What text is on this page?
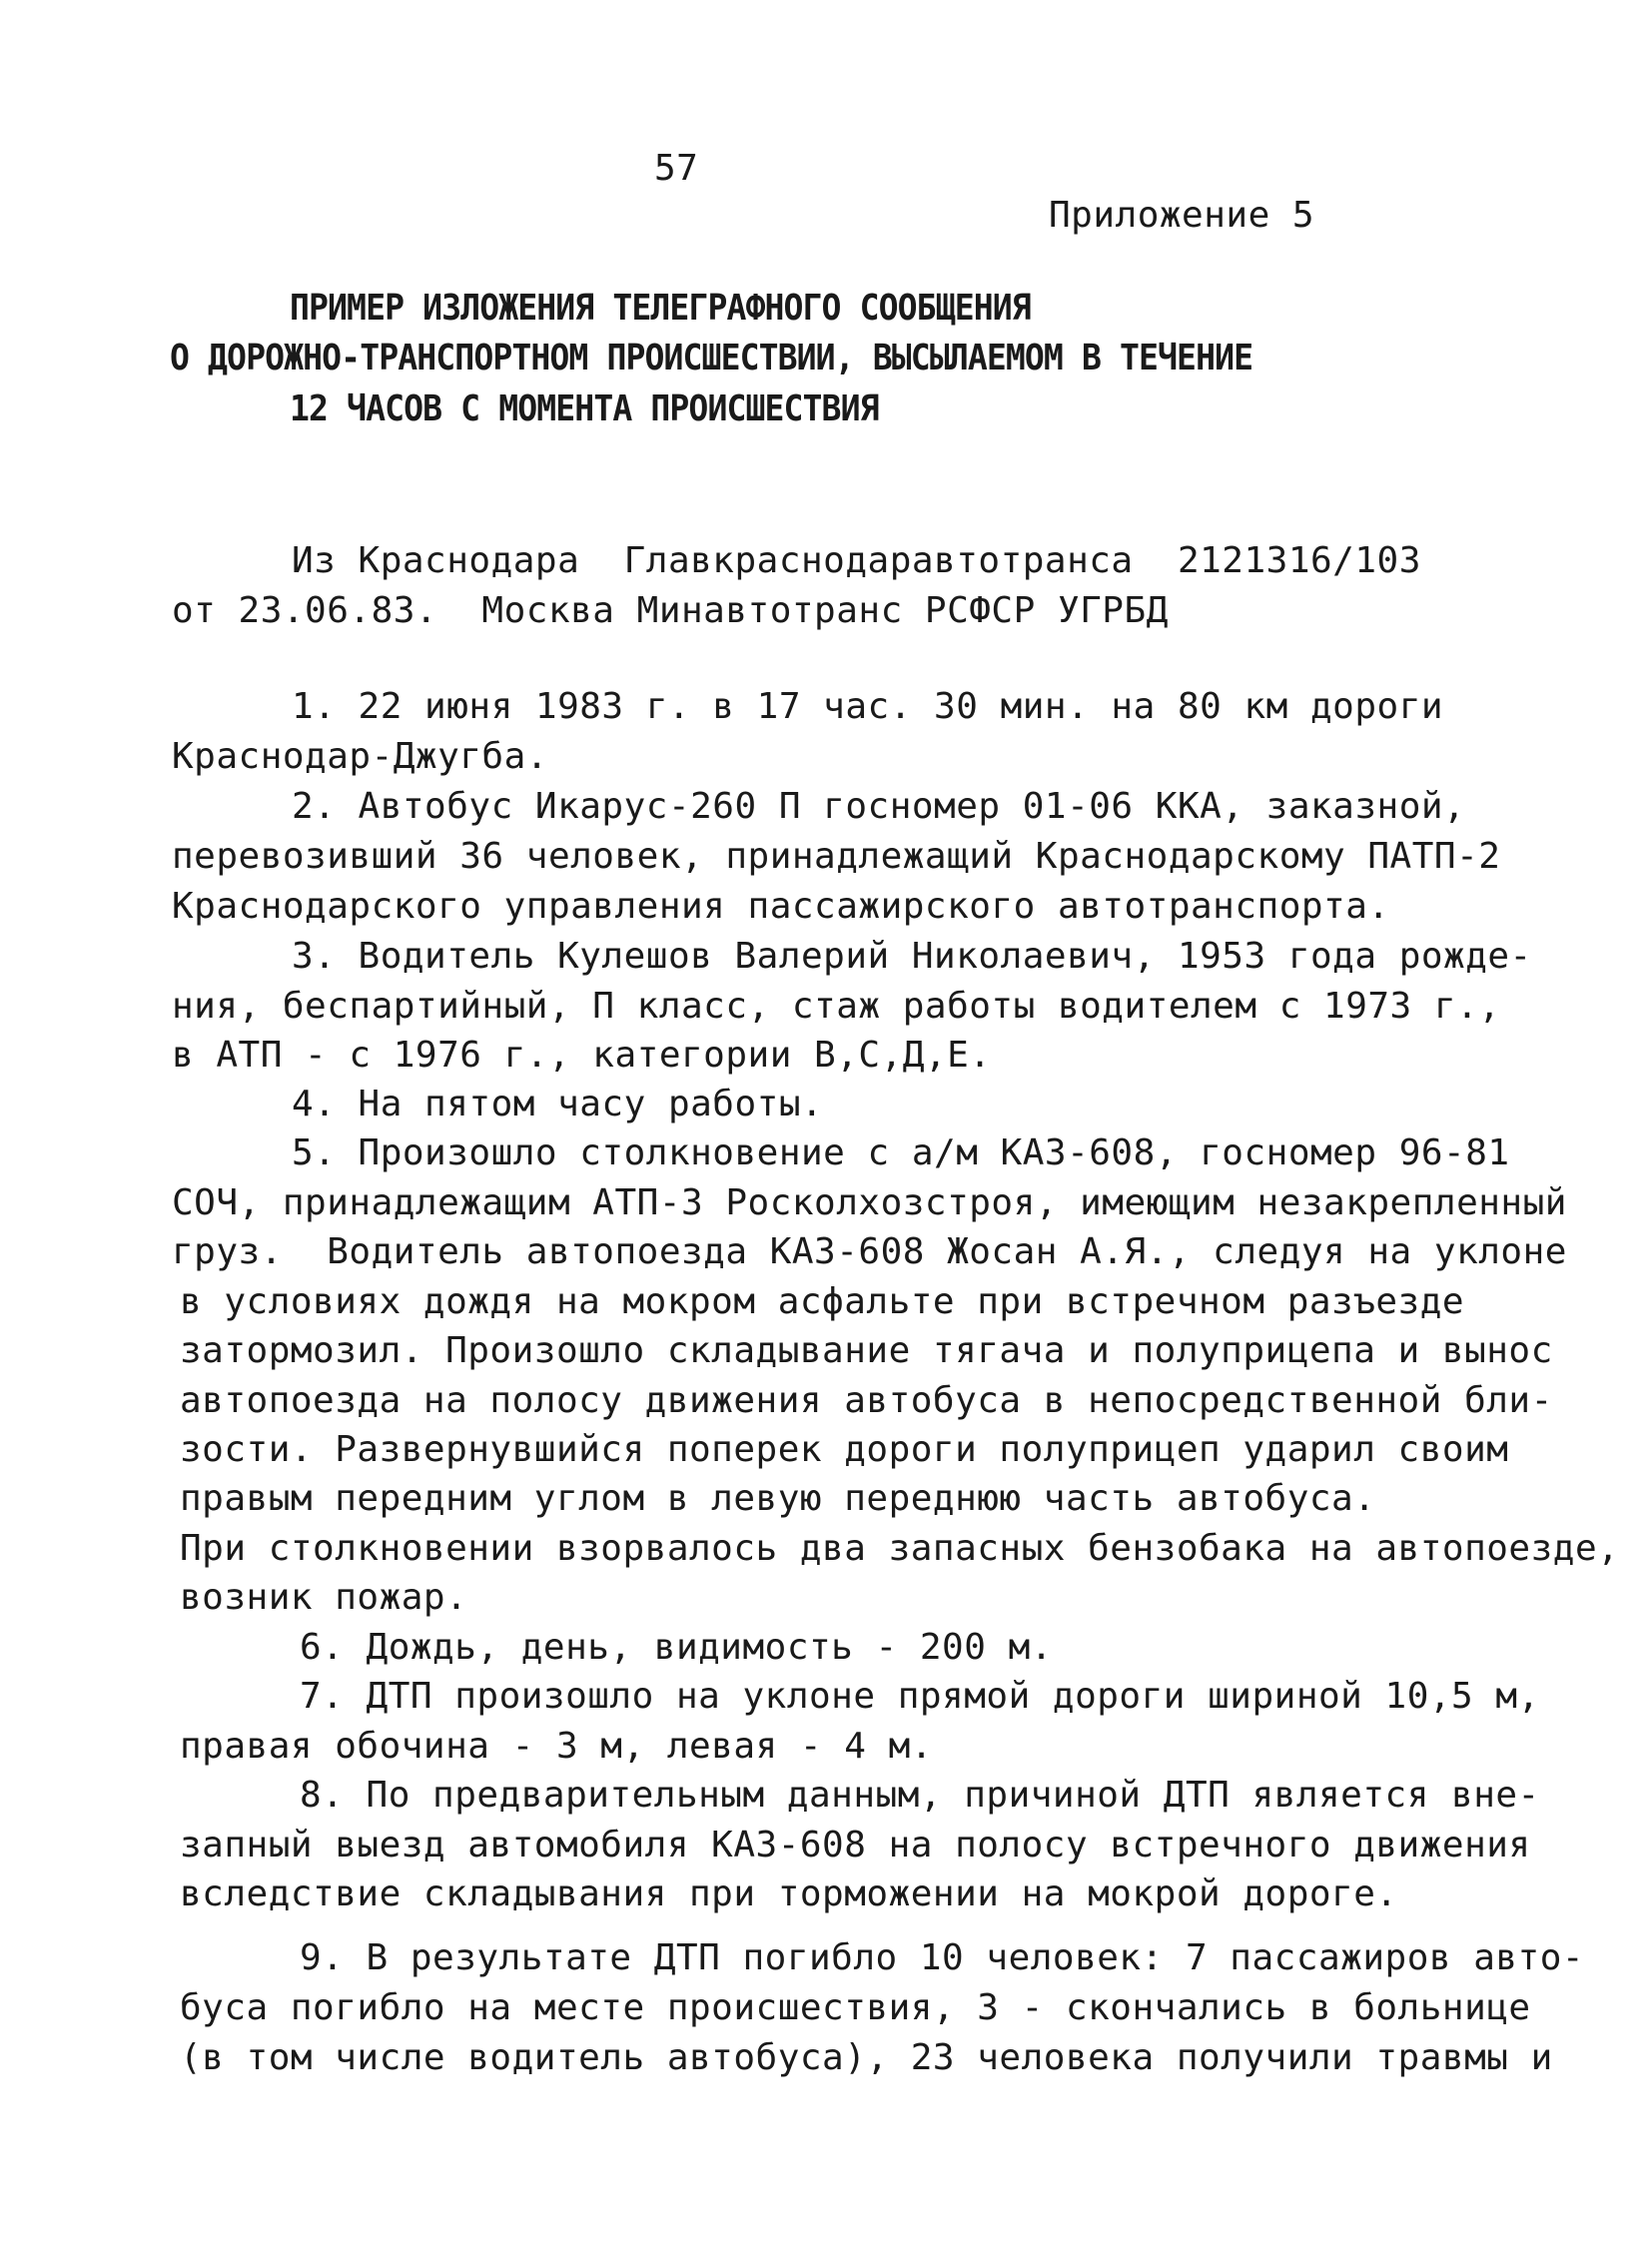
57
Приложение 5
ПРИМЕР ИЗЛОЖЕНИЯ ТЕЛЕГРАФНОГО СООБЩЕНИЯ
О ДОРОЖНО-ТРАНСПОРТНОМ ПРОИСШЕСТВИИ, ВЫСЫЛАЕМОМ В ТЕЧЕНИЕ
12 ЧАСОВ С МОМЕНТА ПРОИСШЕСТВИЯ
Из Краснодара  Главкраснодаравтотранса  2121316/103
от 23.06.83.  Москва Минавтотранс РСФСР УГРБД
1. 22 июня 1983 г. в 17 час. 30 мин. на 80 км дороги
Краснодар-Джугба.
2. Автобус Икарус-260 П госномер 01-06 ККА, заказной,
перевозивший 36 человек, принадлежащий Краснодарскому ПАТП-2
Краснодарского управления пассажирского автотранспорта.
3. Водитель Кулешов Валерий Николаевич, 1953 года рожде-
ния, беспартийный, П класс, стаж работы водителем с 1973 г.,
в АТП - с 1976 г., категории В,С,Д,Е.
4. На пятом часу работы.
5. Произошло столкновение с а/м КАЗ-608, госномер 96-81
СОЧ, принадлежащим АТП-3 Росколхозстроя, имеющим незакрепленный
груз.  Водитель автопоезда КАЗ-608 Жосан А.Я., следуя на уклоне
в условиях дождя на мокром асфальте при встречном разъезде
затормозил. Произошло складывание тягача и полуприцепа и вынос
автопоезда на полосу движения автобуса в непосредственной бли-
зости. Развернувшийся поперек дороги полуприцеп ударил своим
правым передним углом в левую переднюю часть автобуса.
При столкновении взорвалось два запасных бензобака на автопоезде,
возник пожар.
6. Дождь, день, видимость - 200 м.
7. ДТП произошло на уклоне прямой дороги шириной 10,5 м,
правая обочина - 3 м, левая - 4 м.
8. По предварительным данным, причиной ДТП является вне-
запный выезд автомобиля КАЗ-608 на полосу встречного движения
вследствие складывания при торможении на мокрой дороге.
9. В результате ДТП погибло 10 человек: 7 пассажиров авто-
буса погибло на месте происшествия, 3 - скончались в больнице
(в том числе водитель автобуса), 23 человека получили травмы и
